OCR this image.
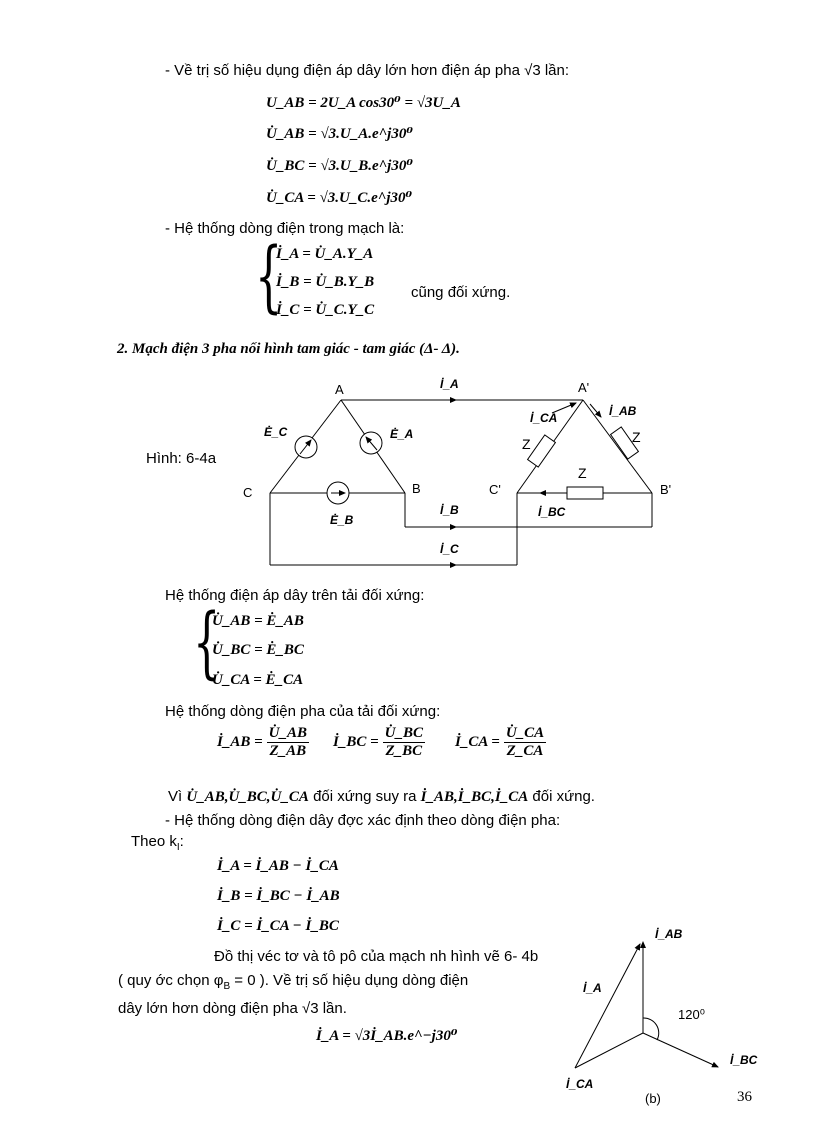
- Về trị số hiệu dụng điện áp dây lớn hơn điện áp pha √3 lần:
U_AB = 2U_A cos30⁰ = √3U_A
U̇_AB = √3.U_A.e^j30⁰
U̇_BC = √3.U_B.e^j30⁰
U̇_CA = √3.U_C.e^j30⁰
- Hệ thống dòng điện trong mạch là:
{
İ_A = U̇_A.Y_A
İ_B = U̇_B.Y_B
İ_C = U̇_C.Y_C
cũng đối xứng.
2. Mạch điện 3 pha nối hình tam giác - tam giác (Δ- Δ).
Hình: 6-4a
A
B
C
A'
B'
C'
Z	Z
Z
Ė_C	Ė_A
Ė_B
İ_A
İ_B
İ_C
İ_CA	İ_AB
İ_BC
Hệ thống điện áp dây trên tải đối xứng:
{
U̇_AB = Ė_AB
U̇_BC = Ė_BC
U̇_CA = Ė_CA
Hệ thống dòng điện pha của tải đối xứng:
İ_AB = $\frac{U̇\_AB}{Z\_AB}$ İ_BC = $\frac{U̇\_BC}{Z\_BC}$ İ_CA = $\frac{U̇\_CA}{Z\_CA}$
Vì U̇_AB,U̇_BC,U̇_CA đối xứng suy ra İ_AB,İ_BC,İ_CA đối xứng.
- Hệ thống dòng điện dây đợc xác định theo dòng điện pha:
Theo $k_I$:
İ_A = İ_AB − İ_CA
İ_B = İ_BC − İ_AB
İ_C = İ_CA − İ_BC
Đồ thị véc tơ và tô pô của mạch nh hình vẽ 6- 4b
( quy ớc chọn $\varphi_B = 0$ ). Về trị số hiệu dụng dòng điện
dây lớn hơn dòng điện pha √3 lần.
İ_A = √3İ_AB.e^−j30⁰
İ_AB
İ_A
İ_BC
İ_CA
120⁰
(b)	36
